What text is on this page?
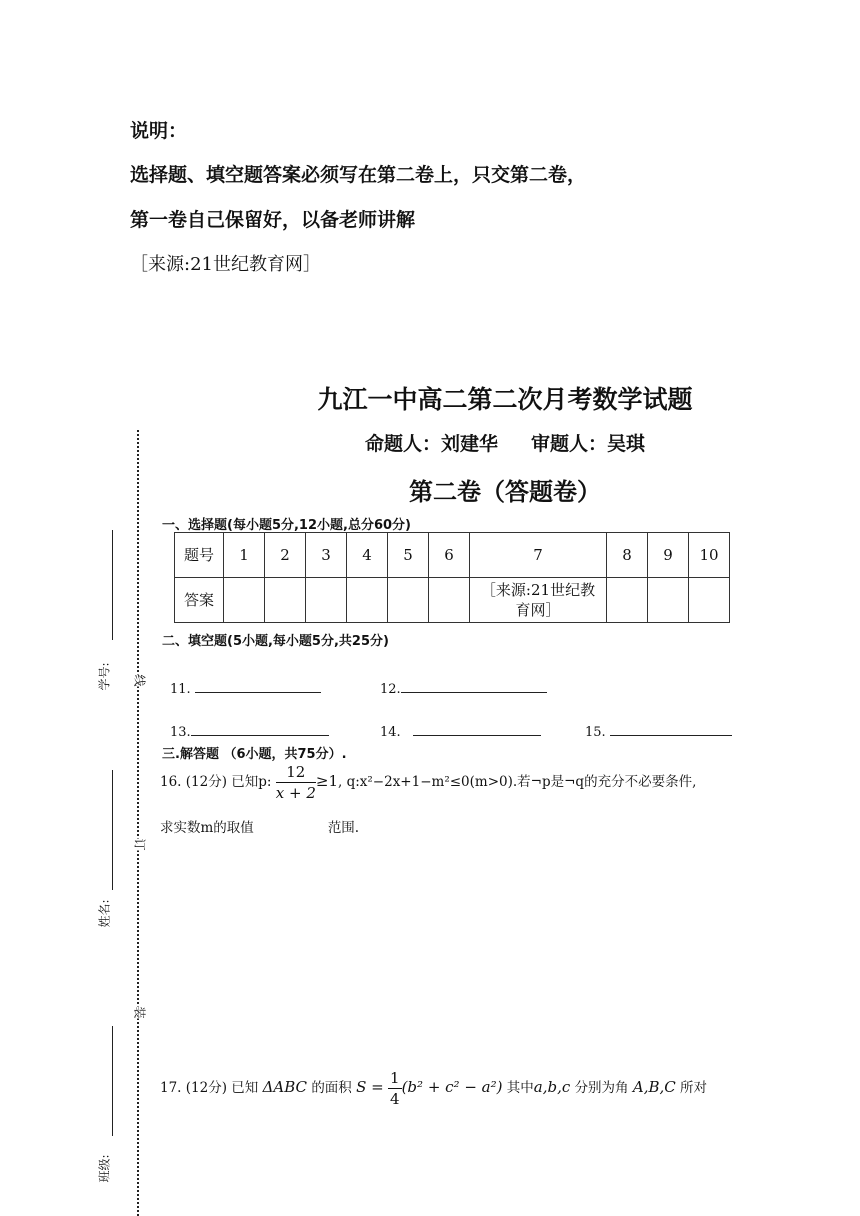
说明：
选择题、填空题答案必须写在第二卷上，只交第二卷，
第一卷自己保留好，以备老师讲解
［来源:21世纪教育网］
九江一中高二第二次月考数学试题
命题人：刘建华     审题人：吴琪
第二卷（答题卷）
一、选择题(每小题5分,12小题,总分60分)
题号	1	2	3	4	5	6	7	8	9	10
答案							［来源:21世纪教育网］			
二、填空题(5小题,每小题5分,共25分)
11.	12.
13.	14.	15.
三.解答题 （6小题，共75分）.
16. (12分) 已知p: $\frac{12}{x + 2} \ge 1$, q:x²−2x+1−m²≤0(m>0).若¬p是¬q的充分不必要条件,
求实数m的取值	范围.
17. (12分) 已知 ΔABC 的面积 $S = \frac{1}{4} (b^2 + c^2 - a^2)$ 其中a,b,c 分别为角 A,B,C 所对
学号:
姓名:
班级:
线
订
装
